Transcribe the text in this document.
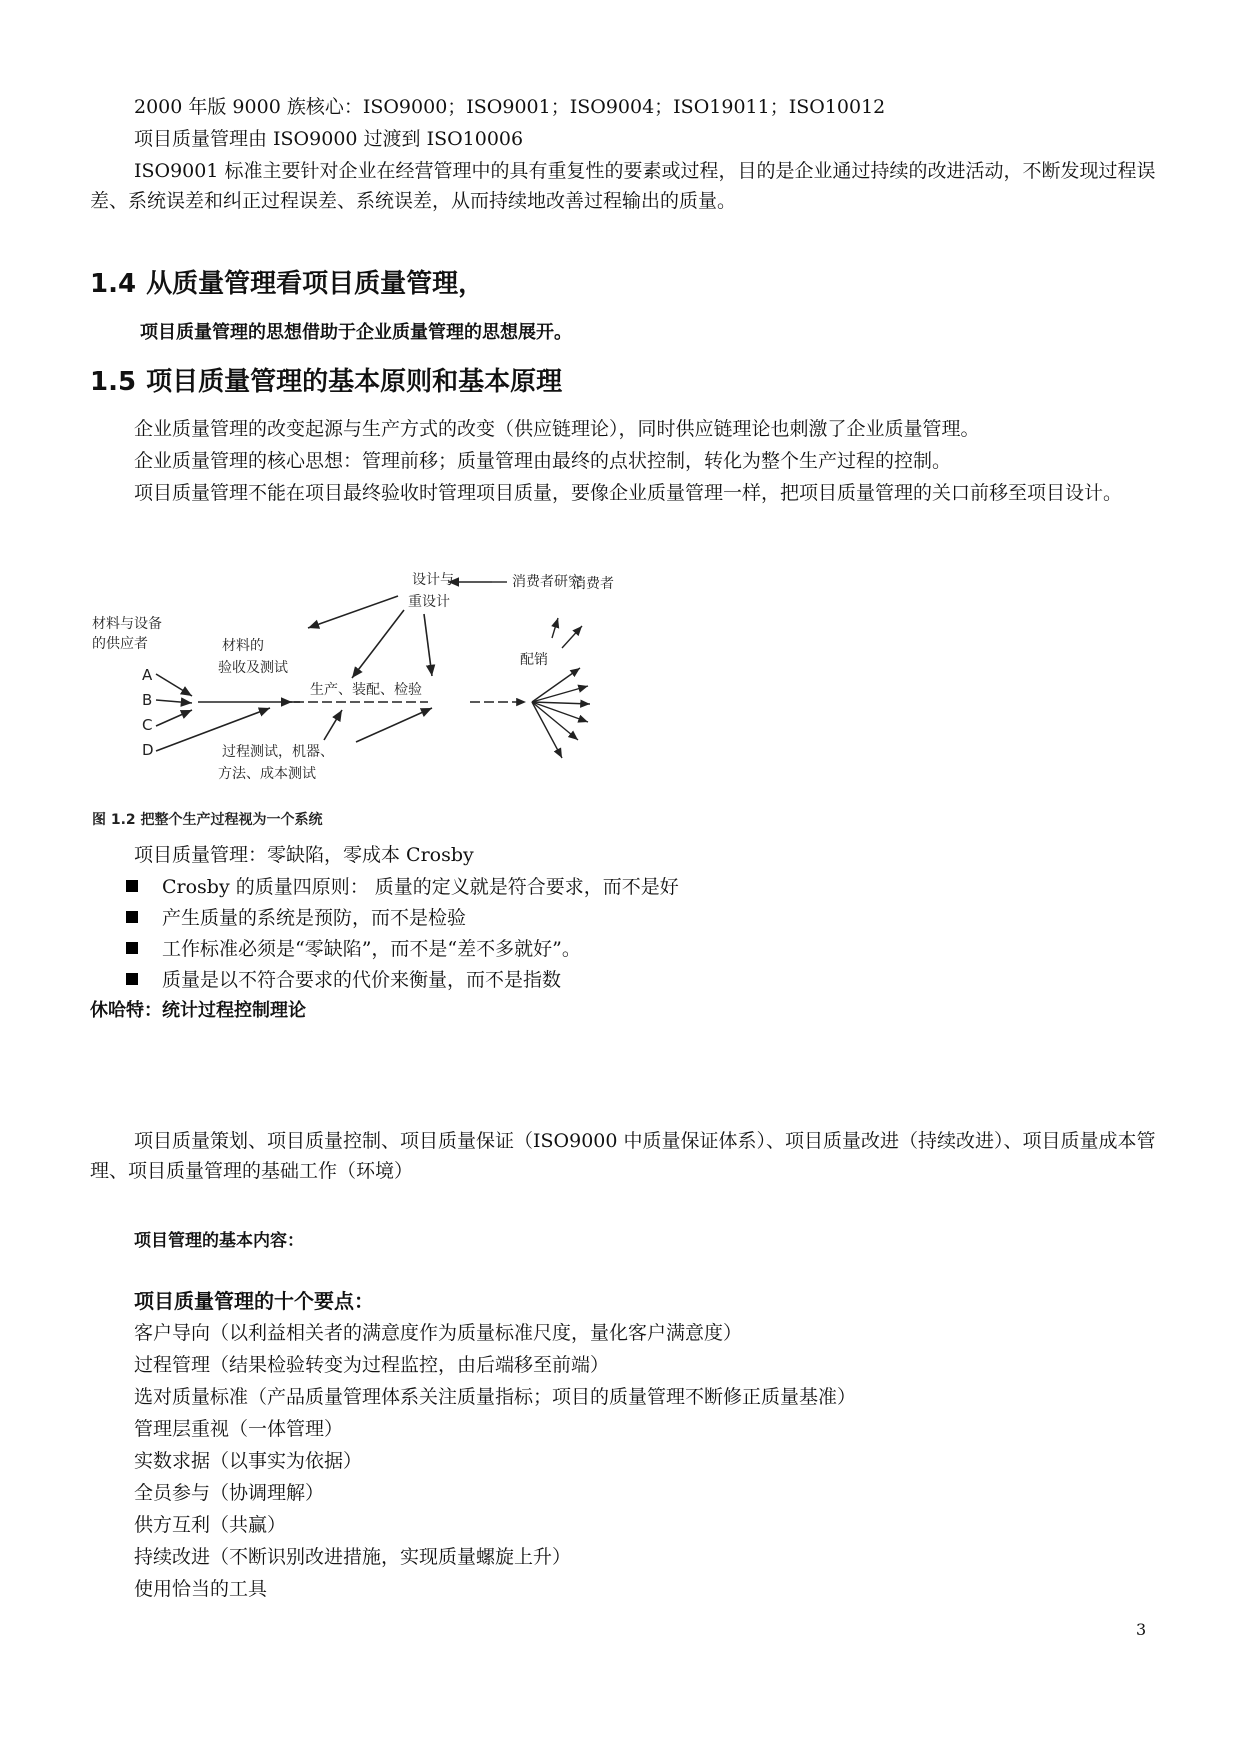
2000 年版 9000 族核心：ISO9000；ISO9001；ISO9004；ISO19011；ISO10012
项目质量管理由 ISO9000 过渡到 ISO10006
ISO9001 标准主要针对企业在经营管理中的具有重复性的要素或过程，目的是企业通过持续的改进活动，不断发现过程误差、系统误差和纠正过程误差、系统误差，从而持续地改善过程输出的质量。
1.4 从质量管理看项目质量管理，
项目质量管理的思想借助于企业质量管理的思想展开。
1.5 项目质量管理的基本原则和基本原理
企业质量管理的改变起源与生产方式的改变（供应链理论），同时供应链理论也刺激了企业质量管理。
企业质量管理的核心思想：管理前移；质量管理由最终的点状控制，转化为整个生产过程的控制。
项目质量管理不能在项目最终验收时管理项目质量，要像企业质量管理一样，把项目质量管理的关口前移至项目设计。
材料与设备
的供应者
A
B
C
D
材料的
验收及测试
设计与
重设计
消费者研究
生产、装配、检验
过程测试，机器、
方法、成本测试
消费者
配销
图 1.2 把整个生产过程视为一个系统
项目质量管理：零缺陷，零成本 Crosby
Crosby 的质量四原则： 质量的定义就是符合要求，而不是好
产生质量的系统是预防，而不是检验
工作标准必须是“零缺陷”，而不是“差不多就好”。
质量是以不符合要求的代价来衡量，而不是指数
休哈特：统计过程控制理论
项目质量策划、项目质量控制、项目质量保证（ISO9000 中质量保证体系）、项目质量改进（持续改进）、项目质量成本管理、项目质量管理的基础工作（环境）
项目管理的基本内容：
项目质量管理的十个要点：
客户导向（以利益相关者的满意度作为质量标准尺度，量化客户满意度）
过程管理（结果检验转变为过程监控，由后端移至前端）
选对质量标准（产品质量管理体系关注质量指标；项目的质量管理不断修正质量基准）
管理层重视（一体管理）
实数求据（以事实为依据）
全员参与（协调理解）
供方互利（共赢）
持续改进（不断识别改进措施，实现质量螺旋上升）
使用恰当的工具
3
